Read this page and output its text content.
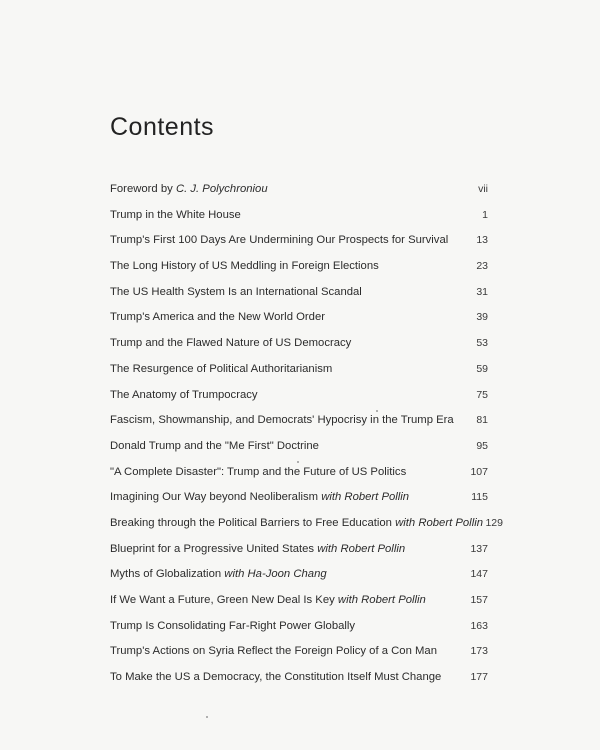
Contents
Foreword by C. J. Polychroniou	vii
Trump in the White House	1
Trump's First 100 Days Are Undermining Our Prospects for Survival	13
The Long History of US Meddling in Foreign Elections	23
The US Health System Is an International Scandal	31
Trump's America and the New World Order	39
Trump and the Flawed Nature of US Democracy	53
The Resurgence of Political Authoritarianism	59
The Anatomy of Trumpocracy	75
Fascism, Showmanship, and Democrats' Hypocrisy in the Trump Era	81
Donald Trump and the "Me First" Doctrine	95
"A Complete Disaster": Trump and the Future of US Politics	107
Imagining Our Way beyond Neoliberalism with Robert Pollin	115
Breaking through the Political Barriers to Free Education with Robert Pollin 129
Blueprint for a Progressive United States with Robert Pollin	137
Myths of Globalization with Ha-Joon Chang	147
If We Want a Future, Green New Deal Is Key with Robert Pollin	157
Trump Is Consolidating Far-Right Power Globally	163
Trump's Actions on Syria Reflect the Foreign Policy of a Con Man	173
To Make the US a Democracy, the Constitution Itself Must Change	177
